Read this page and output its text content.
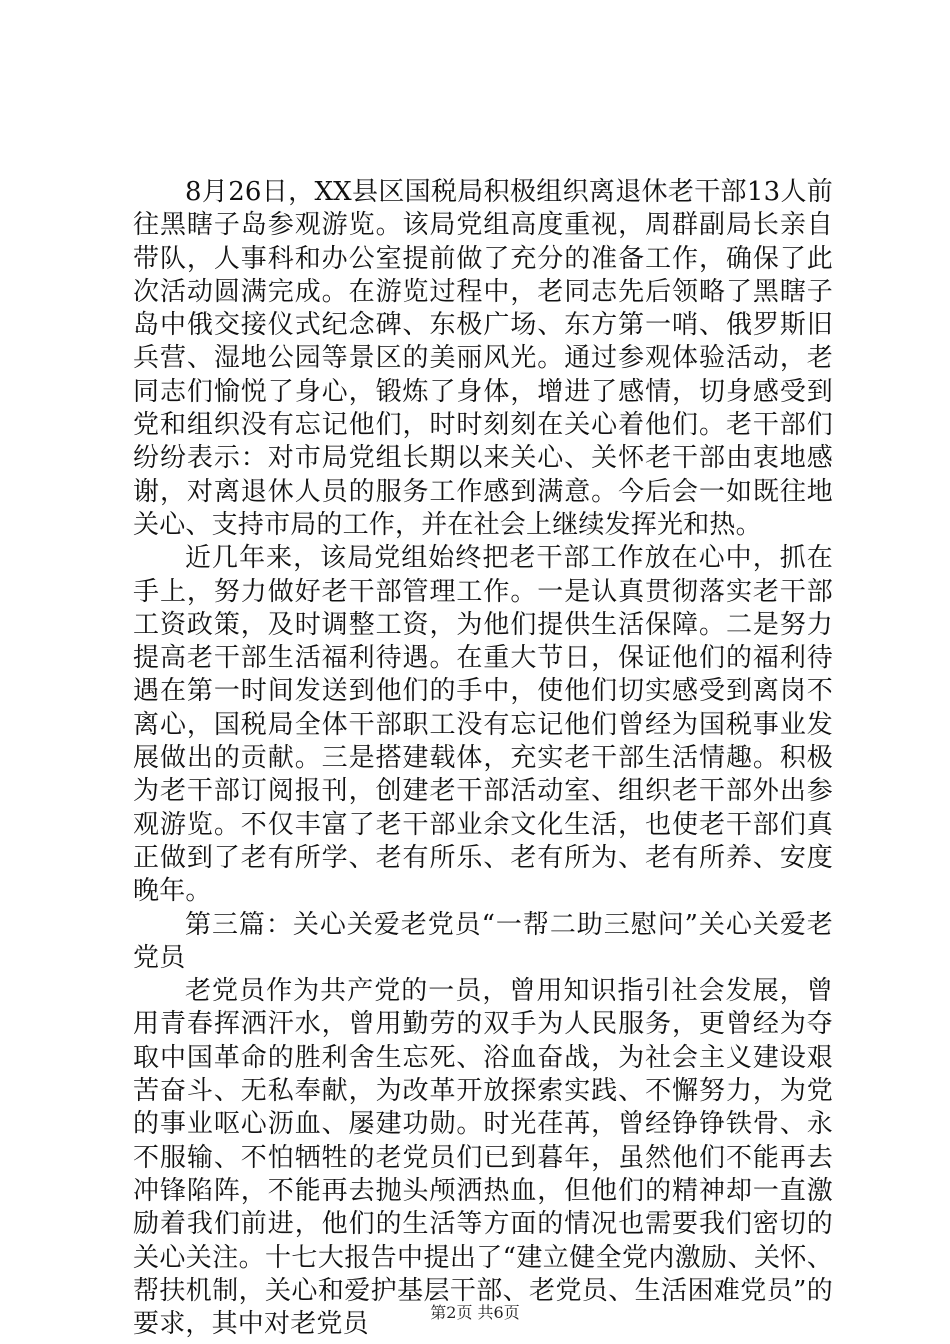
8月26日，XX县区国税局积极组织离退休老干部13人前往黑瞎子岛参观游览。该局党组高度重视，周群副局长亲自带队，人事科和办公室提前做了充分的准备工作，确保了此次活动圆满完成。在游览过程中，老同志先后领略了黑瞎子岛中俄交接仪式纪念碑、东极广场、东方第一哨、俄罗斯旧兵营、湿地公园等景区的美丽风光。通过参观体验活动，老同志们愉悦了身心，锻炼了身体，增进了感情，切身感受到党和组织没有忘记他们，时时刻刻在关心着他们。老干部们纷纷表示：对市局党组长期以来关心、关怀老干部由衷地感谢，对离退休人员的服务工作感到满意。今后会一如既往地关心、支持市局的工作，并在社会上继续发挥光和热。

近几年来，该局党组始终把老干部工作放在心中，抓在手上，努力做好老干部管理工作。一是认真贯彻落实老干部工资政策，及时调整工资，为他们提供生活保障。二是努力提高老干部生活福利待遇。在重大节日，保证他们的福利待遇在第一时间发送到他们的手中，使他们切实感受到离岗不离心，国税局全体干部职工没有忘记他们曾经为国税事业发展做出的贡献。三是搭建载体，充实老干部生活情趣。积极为老干部订阅报刊，创建老干部活动室、组织老干部外出参观游览。不仅丰富了老干部业余文化生活，也使老干部们真正做到了老有所学、老有所乐、老有所为、老有所养、安度晚年。

第三篇：关心关爱老党员“一帮二助三慰问”关心关爱老党员

老党员作为共产党的一员，曾用知识指引社会发展，曾用青春挥洒汗水，曾用勤劳的双手为人民服务，更曾经为夺取中国革命的胜利舍生忘死、浴血奋战，为社会主义建设艰苦奋斗、无私奉献，为改革开放探索实践、不懈努力，为党的事业呕心沥血、屡建功勋。时光荏苒，曾经铮铮铁骨、永不服输、不怕牺牲的老党员们已到暮年，虽然他们不能再去冲锋陷阵，不能再去抛头颅洒热血，但他们的精神却一直激励着我们前进，他们的生活等方面的情况也需要我们密切的关心关注。十七大报告中提出了“建立健全党内激励、关怀、帮扶机制，关心和爱护基层干部、老党员、生活困难党员”的要求，其中对老党员	第2页 共6页
